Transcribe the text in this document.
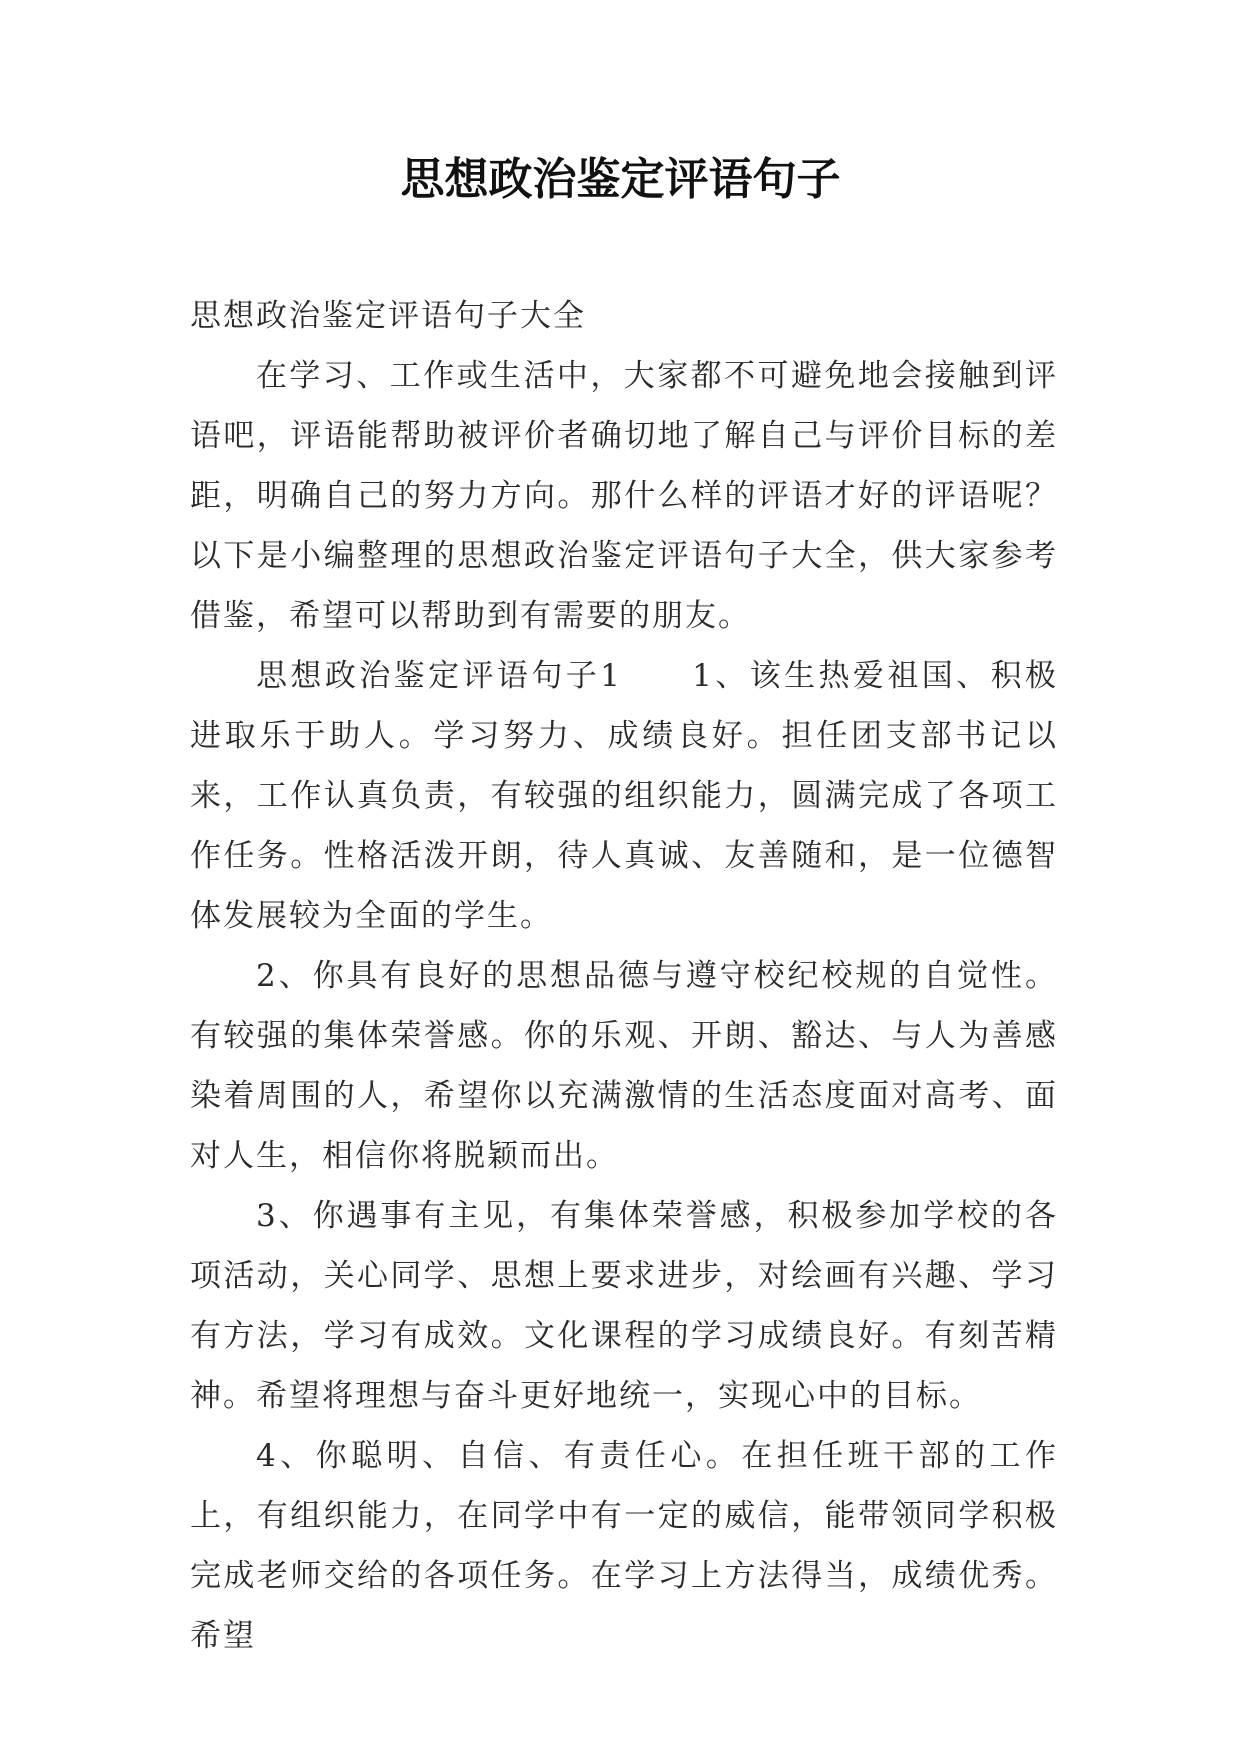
思想政治鉴定评语句子

思想政治鉴定评语句子大全

在学习、工作或生活中，大家都不可避免地会接触到评语吧，评语能帮助被评价者确切地了解自己与评价目标的差距，明确自己的努力方向。那什么样的评语才好的评语呢？以下是小编整理的思想政治鉴定评语句子大全，供大家参考借鉴，希望可以帮助到有需要的朋友。

思想政治鉴定评语句子1　　1、该生热爱祖国、积极进取乐于助人。学习努力、成绩良好。担任团支部书记以来，工作认真负责，有较强的组织能力，圆满完成了各项工作任务。性格活泼开朗，待人真诚、友善随和，是一位德智体发展较为全面的学生。

2、你具有良好的思想品德与遵守校纪校规的自觉性。有较强的集体荣誉感。你的乐观、开朗、豁达、与人为善感染着周围的人，希望你以充满激情的生活态度面对高考、面对人生，相信你将脱颖而出。

3、你遇事有主见，有集体荣誉感，积极参加学校的各项活动，关心同学、思想上要求进步，对绘画有兴趣、学习有方法，学习有成效。文化课程的学习成绩良好。有刻苦精神。希望将理想与奋斗更好地统一，实现心中的目标。

4、你聪明、自信、有责任心。在担任班干部的工作上，有组织能力，在同学中有一定的威信，能带领同学积极完成老师交给的各项任务。在学习上方法得当，成绩优秀。希望
